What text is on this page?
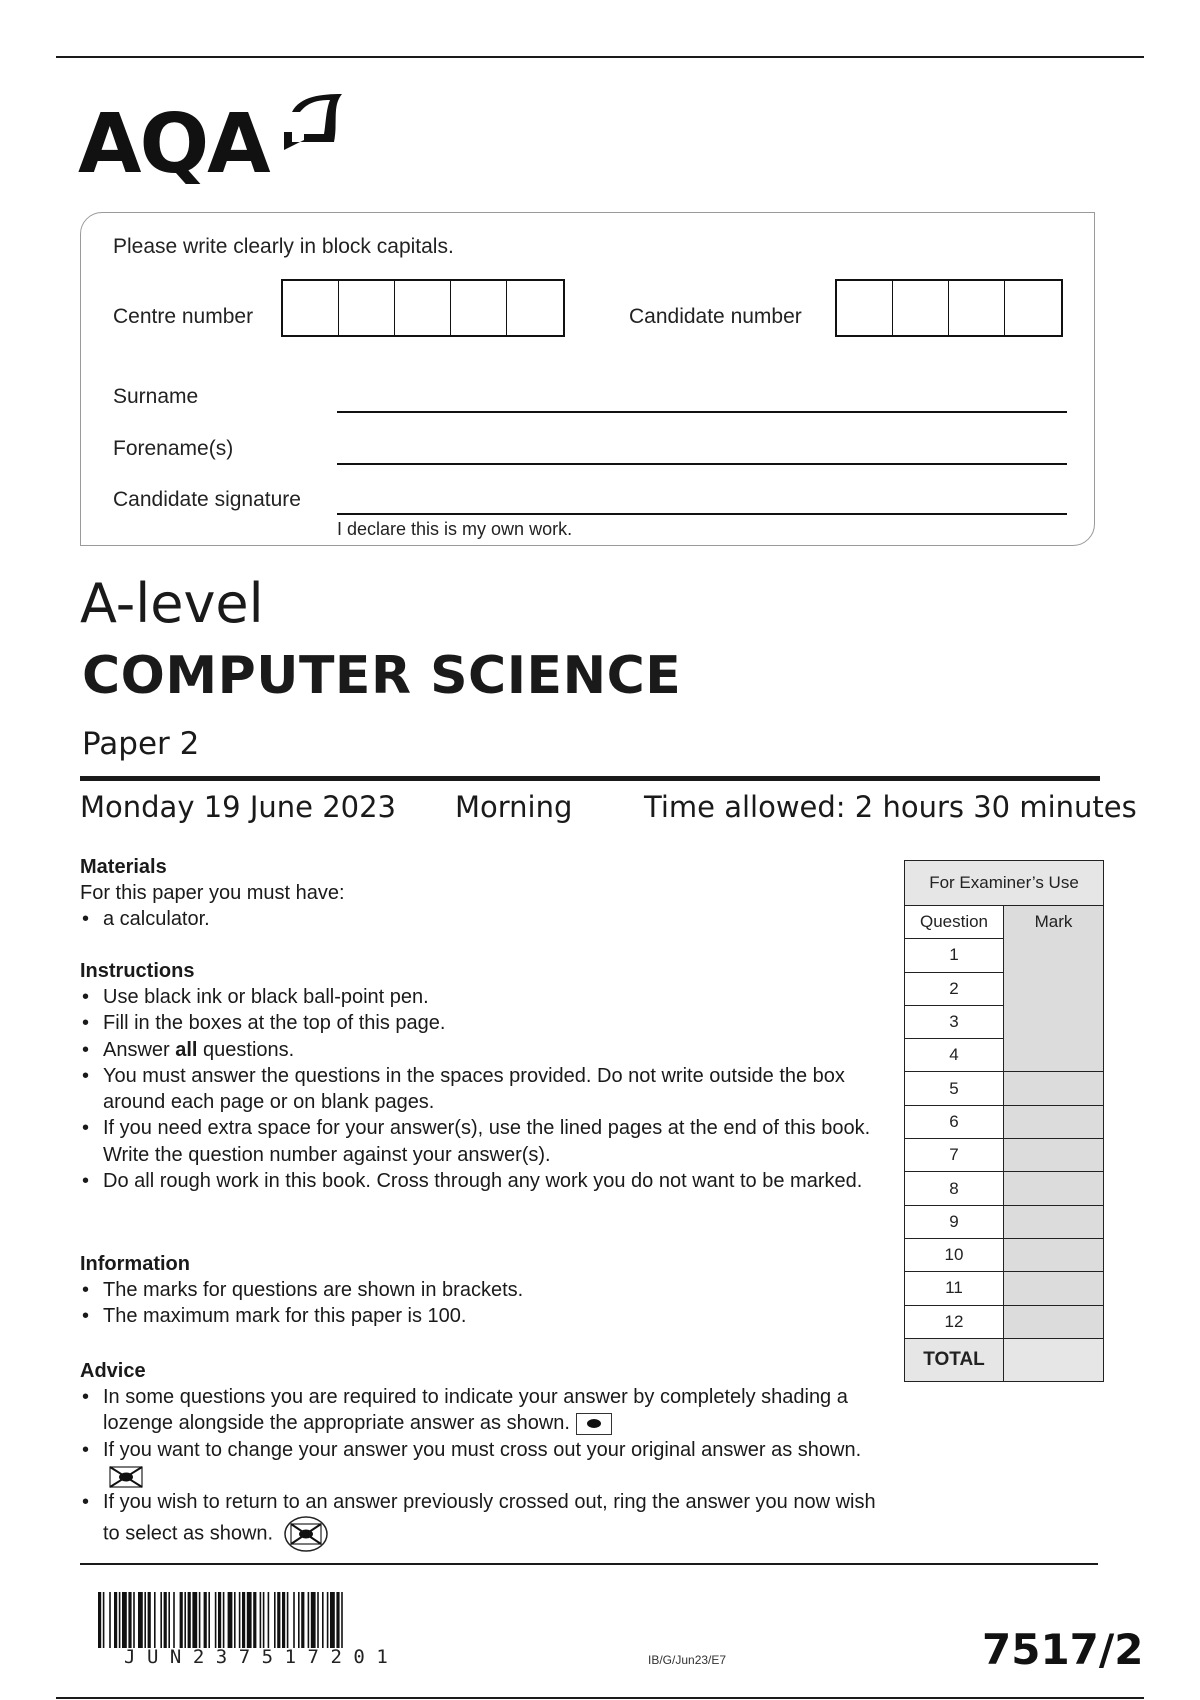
AQA
Please write clearly in block capitals.
Centre number	Candidate number
Surname
Forename(s)
Candidate signature
I declare this is my own work.
A-level
COMPUTER SCIENCE
Paper 2
Monday 19 June 2023 Morning Time allowed: 2 hours 30 minutes
Materials

For this paper you must have:

• a calculator.
Instructions
• Use black ink or black ball-point pen.
• Fill in the boxes at the top of this page.
• Answer all questions.
• You must answer the questions in the spaces provided. Do not write outside the box around each page or on blank pages.
• If you need extra space for your answer(s), use the lined pages at the end of this book. Write the question number against your answer(s).
• Do all rough work in this book. Cross through any work you do not want to be marked.
Information
• The marks for questions are shown in brackets.
• The maximum mark for this paper is 100.
Advice
• In some questions you are required to indicate your answer by completely shading a lozenge alongside the appropriate answer as shown.
• If you want to change your answer you must cross out your original answer as shown.
• If you wish to return to an answer previously crossed out, ring the answer you now wish to select as shown.
For Examiner’s Use	
Question	Mark
1	
2	
3	
4	
5	
6	
7	
8	
9	
10	
11	
12	
TOTAL	
JUN237517201	IB/G/Jun23/E7	7517/2
